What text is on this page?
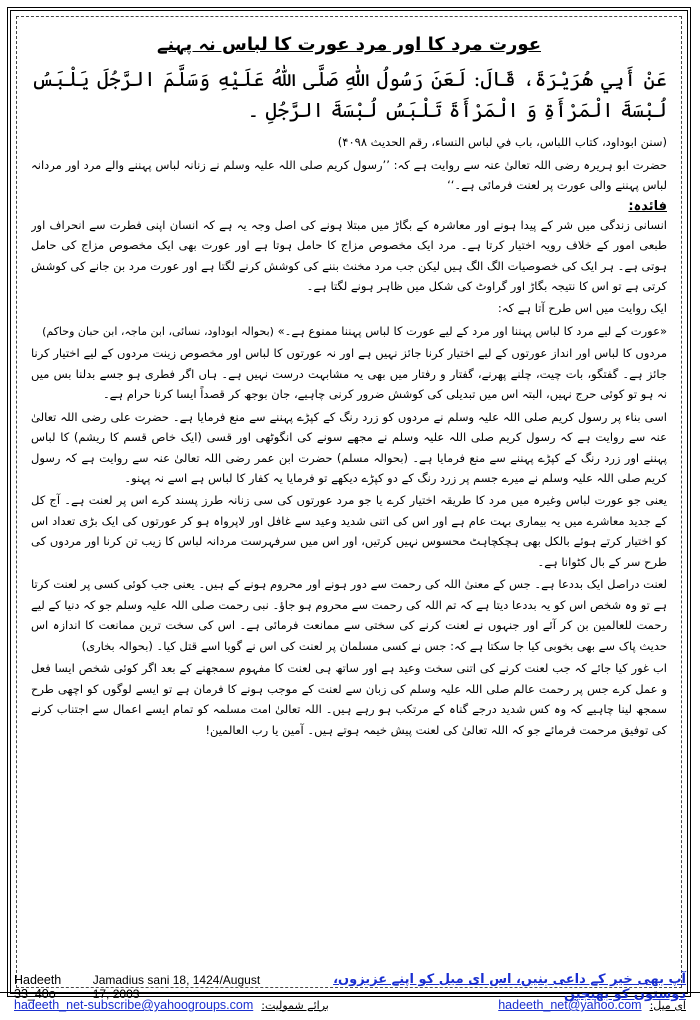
عورت مرد کا اور مرد عورت کا لباس نہ پہنے
عَنْ أَبِي هُرَيْرَةَ، قَالَ: لَعَنَ رَسُولُ اللّٰهِ صَلَّى اللّٰهُ عَلَيْهِ وَسَلَّمَ الرَّجُلَ يَلْبَسُ لُبْسَةَ الْمَرْأَةِ وَ الْمَرْأَةَ تَلْبَسُ لُبْسَةَ الرَّجُلِ ۔
(سنن ابوداود، کتاب اللباس، باب في لباس النساء، رقم الحدیث ۴۰۹۸)
حضرت ابو ہریرہ رضی اللہ تعالیٰ عنہ سے روایت ہے کہ: ’’رسول کریم صلی اللہ علیہ وسلم نے زنانہ لباس پہننے والے مرد اور مردانہ لباس پہننے والی عورت پر لعنت فرمائی ہے۔‘‘
فائدہ:
انسانی زندگی میں شر کے پیدا ہونے اور معاشرہ کے بگاڑ میں مبتلا ہونے کی اصل وجہ یہ ہے کہ انسان اپنی فطرت سے انحراف اور طبعی امور کے خلاف رویہ اختیار کرتا ہے۔ مرد ایک مخصوص مزاج کا حامل ہوتا ہے اور عورت بھی ایک مخصوص مزاج کی حامل ہوتی ہے۔ ہر ایک کی خصوصیات الگ الگ ہیں لیکن جب مرد مخنث بننے کی کوشش کرنے لگتا ہے اور عورت مرد بن جانے کی کوشش کرتی ہے تو اس کا نتیجہ بگاڑ اور گراوٹ کی شکل میں ظاہر ہونے لگتا ہے۔
ایک روایت میں اس طرح آتا ہے کہ:
«عورت کے لیے مرد کا لباس پہننا اور مرد کے لیے عورت کا لباس پہننا ممنوع ہے۔» (بحوالہ ابوداود، نسائی، ابن ماجہ، ابن حبان وحاکم)
مردوں کا لباس اور انداز عورتوں کے لیے اختیار کرنا جائز نہیں ہے اور نہ عورتوں کا لباس اور مخصوص زینت مردوں کے لیے اختیار کرنا جائز ہے۔ گفتگو، بات چیت، چلنے پھرنے، گفتار و رفتار میں بھی یہ مشابہت درست نہیں ہے۔ ہاں اگر فطری ہو جسے بدلنا بس میں نہ ہو تو کوئی حرج نہیں، البتہ اس میں تبدیلی کی کوشش ضرور کرنی چاہیے، جان بوجھ کر قصداً ایسا کرنا حرام ہے۔
اسی بناء پر رسول کریم صلی اللہ علیہ وسلم نے مردوں کو زرد رنگ کے کپڑے پہننے سے منع فرمایا ہے۔ حضرت علی رضی اللہ تعالیٰ عنہ سے روایت ہے کہ رسول کریم صلی اللہ علیہ وسلم نے مجھے سونے کی انگوٹھی اور قسی (ایک خاص قسم کا ریشم) کا لباس پہننے اور زرد رنگ کے کپڑے پہننے سے منع فرمایا ہے۔ (بحوالہ مسلم) حضرت ابن عمر رضی اللہ تعالیٰ عنہ سے روایت ہے کہ رسول کریم صلی اللہ علیہ وسلم نے میرے جسم پر زرد رنگ کے دو کپڑے دیکھے تو فرمایا یہ کفار کا لباس ہے اسے نہ پہنو۔
یعنی جو عورت لباس وغیرہ میں مرد کا طریقہ اختیار کرے یا جو مرد عورتوں کی سی زنانہ طرز پسند کرے اس پر لعنت ہے۔ آج کل کے جدید معاشرے میں یہ بیماری بہت عام ہے اور اس کی اتنی شدید وعید سے غافل اور لاپرواہ ہو کر عورتوں کی ایک بڑی تعداد اس کو اختیار کرتے ہوئے بالکل بھی ہچکچاہٹ محسوس نہیں کرتیں، اور اس میں سرفہرست مردانہ لباس کا زیب تن کرنا اور مردوں کی طرح سر کے بال کٹوانا ہے۔
لعنت دراصل ایک بددعا ہے۔ جس کے معنیٰ اللہ کی رحمت سے دور ہونے اور محروم ہونے کے ہیں۔ یعنی جب کوئی کسی پر لعنت کرتا ہے تو وہ شخص اس کو یہ بددعا دیتا ہے کہ تم اللہ کی رحمت سے محروم ہو جاؤ۔ نبی رحمت صلی اللہ علیہ وسلم جو کہ دنیا کے لیے رحمت للعالمین بن کر آئے اور جنہوں نے لعنت کرنے کی سختی سے ممانعت فرمائی ہے۔ اس کی سخت ترین ممانعت کا اندازہ اس حدیث پاک سے بھی بخوبی کیا جا سکتا ہے کہ: جس نے کسی مسلمان پر لعنت کی اس نے گویا اسے قتل کیا۔ (بحوالہ بخاری)
اب غور کیا جائے کہ جب لعنت کرنے کی اتنی سخت وعید ہے اور ساتھ ہی لعنت کا مفہوم سمجھنے کے بعد اگر کوئی شخص ایسا فعل و عمل کرے جس پر رحمت عالم صلی اللہ علیہ وسلم کی زبان سے لعنت کے موجب ہونے کا فرمان ہے تو ایسے لوگوں کو اچھی طرح سمجھ لینا چاہیے کہ وہ کس شدید درجے گناہ کے مرتکب ہو رہے ہیں۔ اللہ تعالیٰ امت مسلمہ کو تمام ایسے اعمال سے اجتناب کرنے کی توفیق مرحمت فرمائے جو کہ اللہ تعالیٰ کی لعنت پیش خیمہ ہوتے ہیں۔ آمین یا رب العالمین!
Hadeeth 33_40o
Jamadius sani 18, 1424/August 17, 2003
آپ بھی خیر کے داعی بنیں، اس ای میل کو اپنے عزیزوں، دوستوں کو بھیجیں
hadeeth_net-subscribe@yahoogroups.com برائے شمولیت:	hadeeth_net@yahoo.com ای میل:
